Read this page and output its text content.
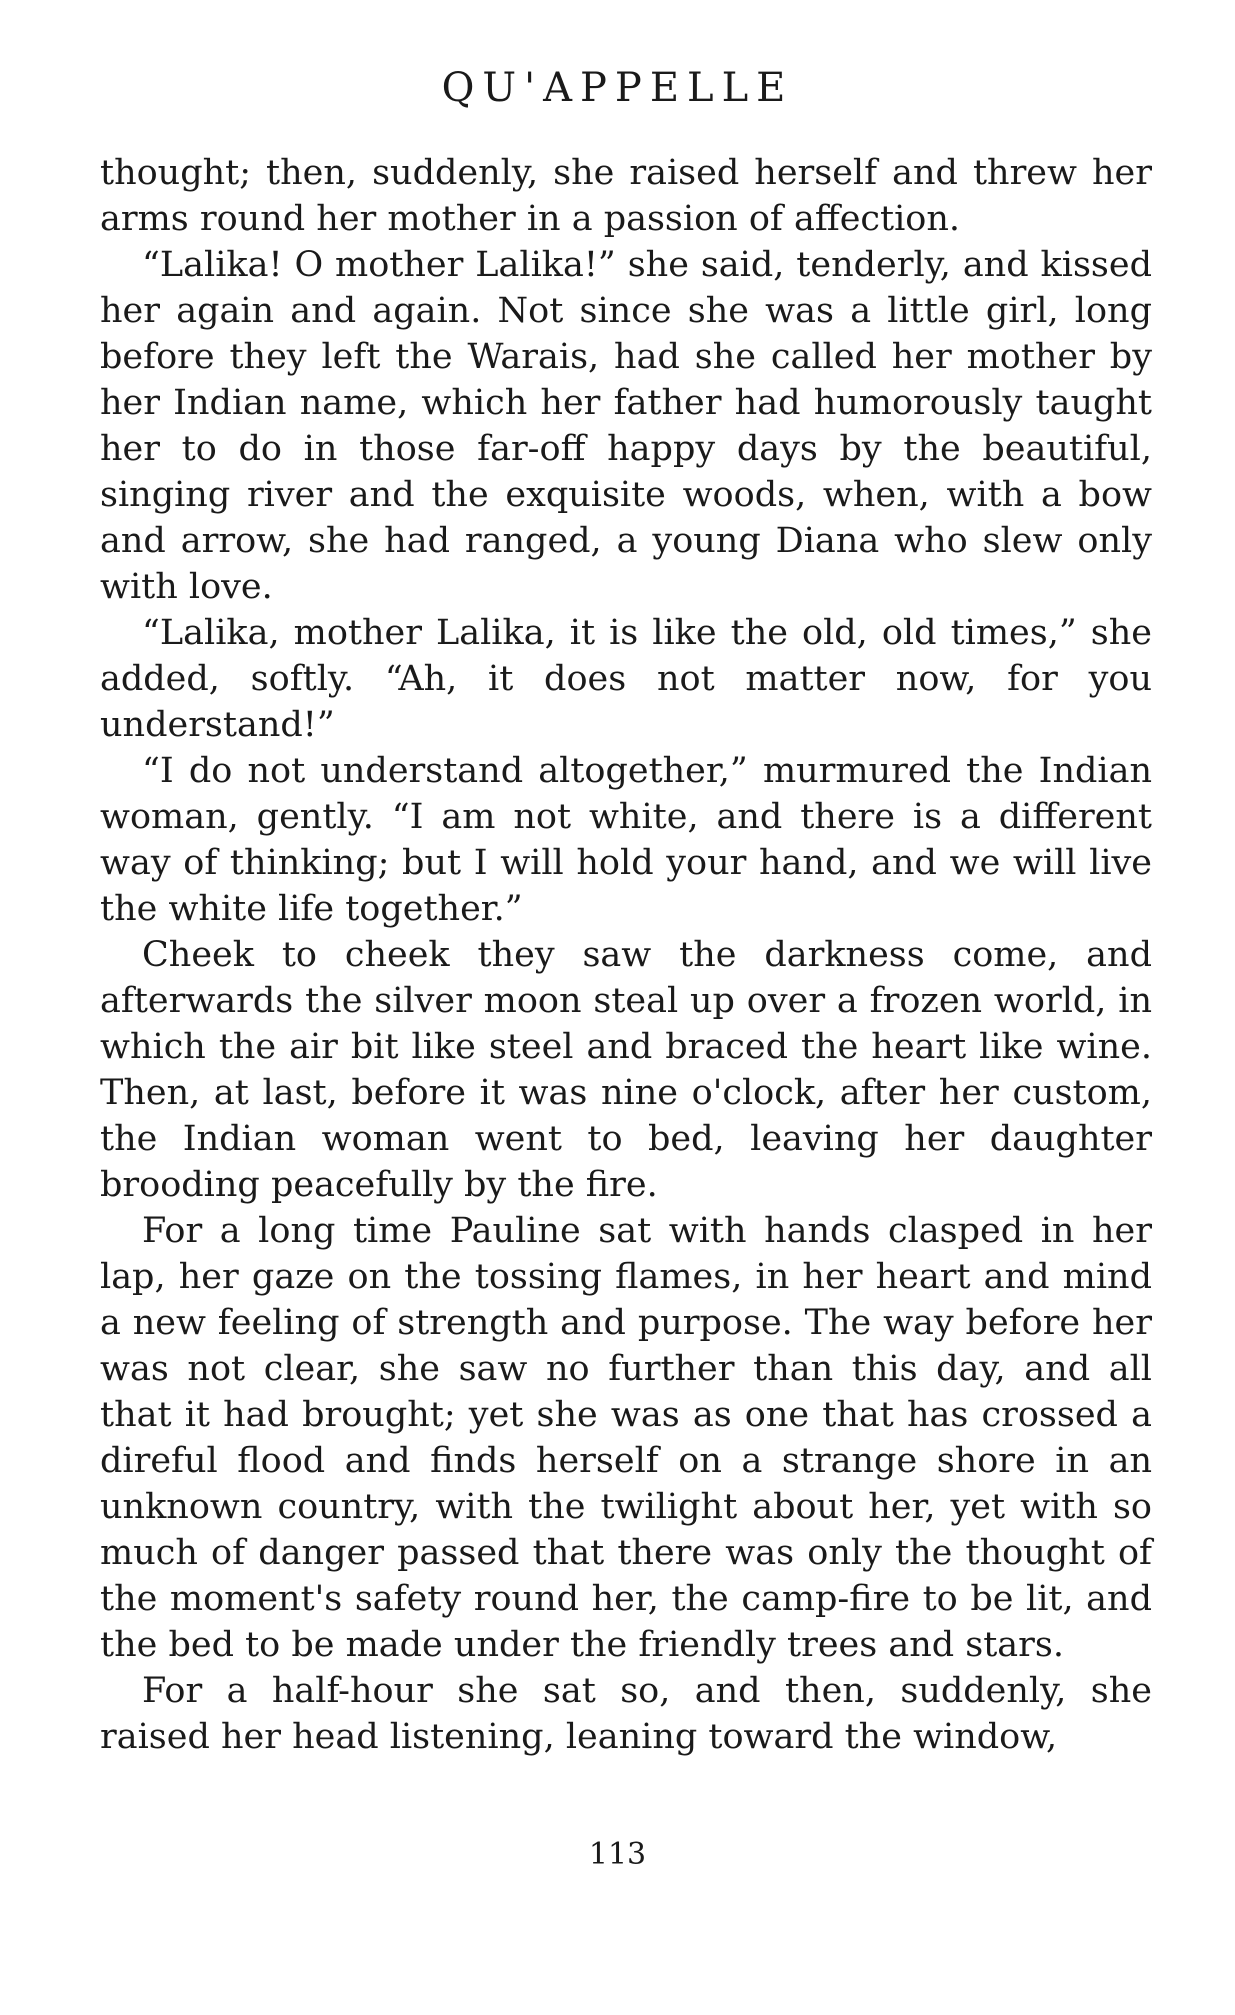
QU'APPELLE

thought; then, suddenly, she raised herself and threw her arms round her mother in a passion of affection.

“Lalika! O mother Lalika!” she said, tenderly, and kissed her again and again. Not since she was a little girl, long before they left the Warais, had she called her mother by her Indian name, which her father had humorously taught her to do in those far-off happy days by the beautiful, singing river and the exquisite woods, when, with a bow and arrow, she had ranged, a young Diana who slew only with love.

“Lalika, mother Lalika, it is like the old, old times,” she added, softly. “Ah, it does not matter now, for you understand!”

“I do not understand altogether,” murmured the Indian woman, gently. “I am not white, and there is a different way of thinking; but I will hold your hand, and we will live the white life together.”

Cheek to cheek they saw the darkness come, and afterwards the silver moon steal up over a frozen world, in which the air bit like steel and braced the heart like wine. Then, at last, before it was nine o'clock, after her custom, the Indian woman went to bed, leaving her daughter brooding peacefully by the fire.

For a long time Pauline sat with hands clasped in her lap, her gaze on the tossing flames, in her heart and mind a new feeling of strength and purpose. The way before her was not clear, she saw no further than this day, and all that it had brought; yet she was as one that has crossed a direful flood and finds herself on a strange shore in an unknown country, with the twilight about her, yet with so much of danger passed that there was only the thought of the moment's safety round her, the camp-fire to be lit, and the bed to be made under the friendly trees and stars.

For a half-hour she sat so, and then, suddenly, she raised her head listening, leaning toward the window,

113
